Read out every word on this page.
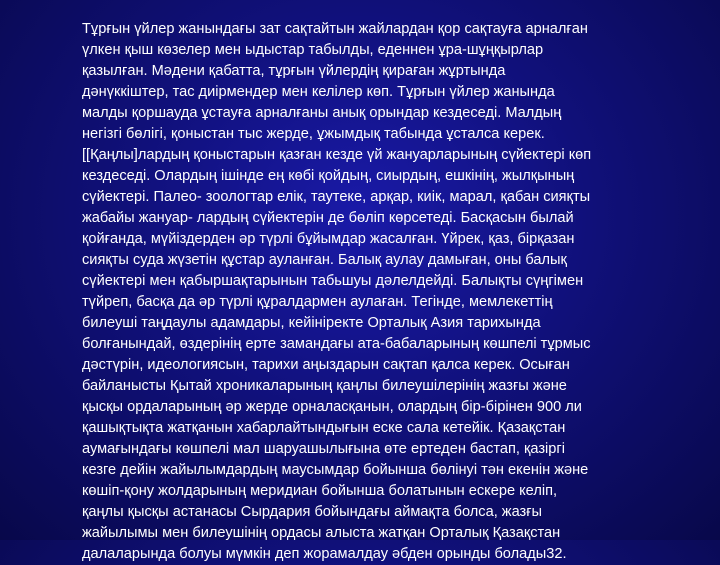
Тұрғын үйлер жанындағы зат сақтайтын жайлардан қор сақтауға арналған
үлкен қыш көзелер мен ыдыстар табылды, еденнен ұра-шұңқырлар
қазылған. Мәдени қабатта, тұрғын үйлердің қираған жұртында
дәнүккіштер, тас диірмендер мен келілер көп. Тұрғын үйлер жанында
малды қоршауда ұстауға арналғаны анық орындар кездеседі. Малдың
негізгі бөлігі, қоныстан тыс жерде, ұжымдық табында ұсталса керек.
[[Қаңлы]лардың қоныстарын қазған кезде үй жануарларының сүйектері көп
кездеседі. Олардың ішінде ең көбі қойдың, сиырдың, ешкінің, жылқының
сүйектері. Палео- зоологтар елік, таутеке, арқар, киік, марал, қабан сияқты
жабайы жануар- лардың сүйектерін де бөліп көрсетеді. Басқасын былай
қойғанда, мүйіздерден әр түрлі бұйымдар жасалған. Үйрек, қаз, бірқазан
сияқты суда жүзетін құстар ауланған. Балық аулау дамыған, оны балық
сүйектері мен қабыршақтарынын табьшуы дәлелдейді. Балықты сүңгімен
түйреп, басқа да әр түрлі құралдармен аулаған. Тегінде, мемлекеттің
билеуші таңдаулы адамдары, кейініректе Орталық Азия тарихында
болғанындай, өздерінің ерте замандағы ата-бабаларының көшпелі тұрмыс
дәстүрін, идеологиясын, тарихи аңыздарын сақтап қалса керек. Осыған
байланысты Қытай хроникаларының қаңлы билеушілерінің жазғы және
қысқы ордаларының әр жерде орналасқанын, олардың бір-бірінен 900 ли
қашықтықта жатқанын хабарлайтындығын еске сала кетейік. Қазақстан
аумағындағы көшпелі мал шаруашылығына өте ертеден бастап, қазіргі
кезге дейін жайылымдардың маусымдар бойынша бөлінуі тән екенін және
көшіп-қону жолдарының меридиан бойынша болатынын ескере келіп,
қаңлы қысқы астанасы Сырдария бойындағы аймақта болса, жазғы
жайылымы мен билеушінің ордасы алыста жатқан Орталық Қазақстан
далаларында болуы мүмкін деп жорамалдау әбден орынды болады32.
